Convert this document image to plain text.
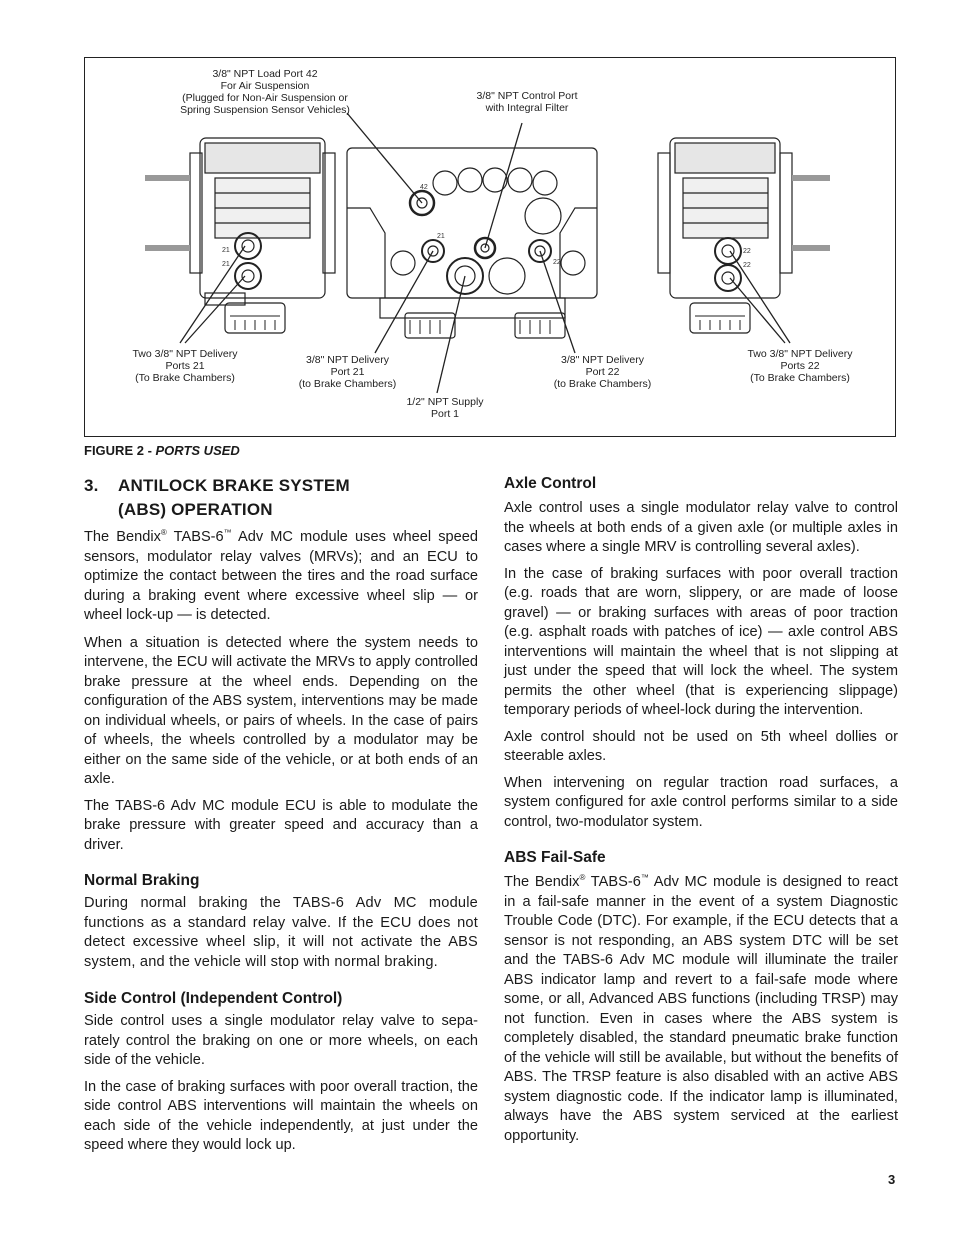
42
21
22
21
21
22
22
3/8" NPT Load Port 42
For Air Suspension
(Plugged for Non-Air Suspension or
Spring Suspension Sensor Vehicles)
3/8" NPT Control Port
with Integral Filter
Two 3/8" NPT Delivery
Ports 21
(To Brake Chambers)
3/8" NPT Delivery
Port 21
(to Brake Chambers)
1/2" NPT Supply
Port 1
3/8" NPT Delivery
Port 22
(to Brake Chambers)
Two 3/8" NPT Delivery
Ports 22
(To Brake Chambers)
FIGURE 2 - PORTS USED
3. ANTILOCK BRAKE SYSTEM
(ABS) OPERATION

The Bendix® TABS-6™ Adv MC module uses wheel speed sensors, modulator relay valves (MRVs); and an ECU to optimize the contact between the tires and the road surface during a braking event where excessive wheel slip — or wheel lock-up — is detected.

When a situation is detected where the system needs to intervene, the ECU will activate the MRVs to apply controlled brake pressure at the wheel ends. Depending on the configuration of the ABS system, interventions may be made on individual wheels, or pairs of wheels. In the case of pairs of wheels, the wheels controlled by a modulator may be either on the same side of the vehicle, or at both ends of an axle.

The TABS-6 Adv MC module ECU is able to modulate the brake pressure with greater speed and accuracy than a driver.

Normal Braking

During normal braking the TABS-6 Adv MC module functions as a standard relay valve. If the ECU does not detect excessive wheel slip, it will not activate the ABS system, and the vehicle will stop with normal braking.

Side Control (Independent Control)

Side control uses a single modulator relay valve to sepa-rately control the braking on one or more wheels, on each side of the vehicle.

In the case of braking surfaces with poor overall traction, the side control ABS interventions will maintain the wheels on each side of the vehicle independently, at just under the speed where they would lock up.

Axle Control

Axle control uses a single modulator relay valve to control the wheels at both ends of a given axle (or multiple axles in cases where a single MRV is controlling several axles).

In the case of braking surfaces with poor overall traction (e.g. roads that are worn, slippery, or are made of loose gravel) — or braking surfaces with areas of poor traction (e.g. asphalt roads with patches of ice) — axle control ABS interventions will maintain the wheel that is not slipping at just under the speed that will lock the wheel. The system permits the other wheel (that is experiencing slippage) temporary periods of wheel-lock during the intervention.

Axle control should not be used on 5th wheel dollies or steerable axles.

When intervening on regular traction road surfaces, a system configured for axle control performs similar to a side control, two-modulator system.

ABS Fail-Safe

The Bendix® TABS-6™ Adv MC module is designed to react in a fail-safe manner in the event of a system Diagnostic Trouble Code (DTC). For example, if the ECU detects that a sensor is not responding, an ABS system DTC will be set and the TABS-6 Adv MC module will illuminate the trailer ABS indicator lamp and revert to a fail-safe mode where some, or all, Advanced ABS functions (including TRSP) may not function. Even in cases where the ABS system is completely disabled, the standard pneumatic brake function of the vehicle will still be available, but without the benefits of ABS. The TRSP feature is also disabled with an active ABS system diagnostic code. If the indicator lamp is illuminated, always have the ABS system serviced at the earliest opportunity.

3
